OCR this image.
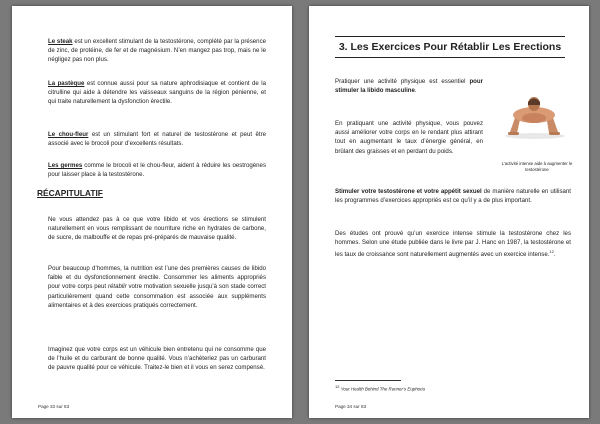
Le steak est un excellent stimulant de la testostérone, complété par la présence de zinc, de protéine, de fer et de magnésium. N’en mangez pas trop, mais ne le négligez pas non plus.

La pastèque est connue aussi pour sa nature aphrodisiaque et contient de la citrulline qui aide à détendre les vaisseaux sanguins de la région pénienne, et qui traite naturellement la dysfonction érectile.

Le chou-fleur est un stimulant fort et naturel de testostérone et peut être associé avec le brocoli pour d’excellents résultats.

Les germes comme le brocoli et le chou-fleur, aident à réduire les oestrogènes pour laisser place à la testostérone.

RÉCAPITULATIF

Ne vous attendez pas à ce que votre libido et vos érections se stimulent naturellement en vous remplissant de nourriture riche en hydrates de carbone, de sucre, de malbouffe et de repas pré-préparés de mauvaise qualité.

Pour beaucoup d’hommes, la nutrition est l’une des premières causes de libido faible et du dysfonctionnement érectile. Consommer les aliments appropriés pour votre corps peut rétablir votre motivation sexuelle jusqu’à son stade correct particulièrement quand cette consommation est associée aux suppléments alimentaires et à des exercices pratiqués correctement.

Imaginez que votre corps est un véhicule bien entretenu qui ne consomme que de l’huile et du carburant de bonne qualité. Vous n’achèteriez pas un carburant de pauvre qualité pour ce véhicule. Traitez-le bien et il vous en serez compensé.

Page 33 sur 83

3. Les Exercices Pour Rétablir Les Erections

Pratiquer une activité physique est essentiel pour stimuler la libido masculine.

En pratiquant une activité physique, vous pouvez aussi améliorer votre corps en le rendant plus attirant tout en augmentant le taux d’énergie général, en brûlant des graisses et en perdant du poids.

L’activité intense aide à augmenter le testostérone

Stimuler votre testostérone et votre appétit sexuel de manière naturelle en utilisant les programmes d’exercices appropriés est ce qu’il y a de plus important.

Des études ont prouvé qu’un exercice intense stimule la testostérone chez les hommes. Selon une étude publiée dans le livre par J. Hanc en 1987, la testostérone et les taux de croissance sont naturellement augmentés avec un exercice intense.$^{12}$.

12 Your Health Behind The Runner’s Euphoria

Page 34 sur 83
